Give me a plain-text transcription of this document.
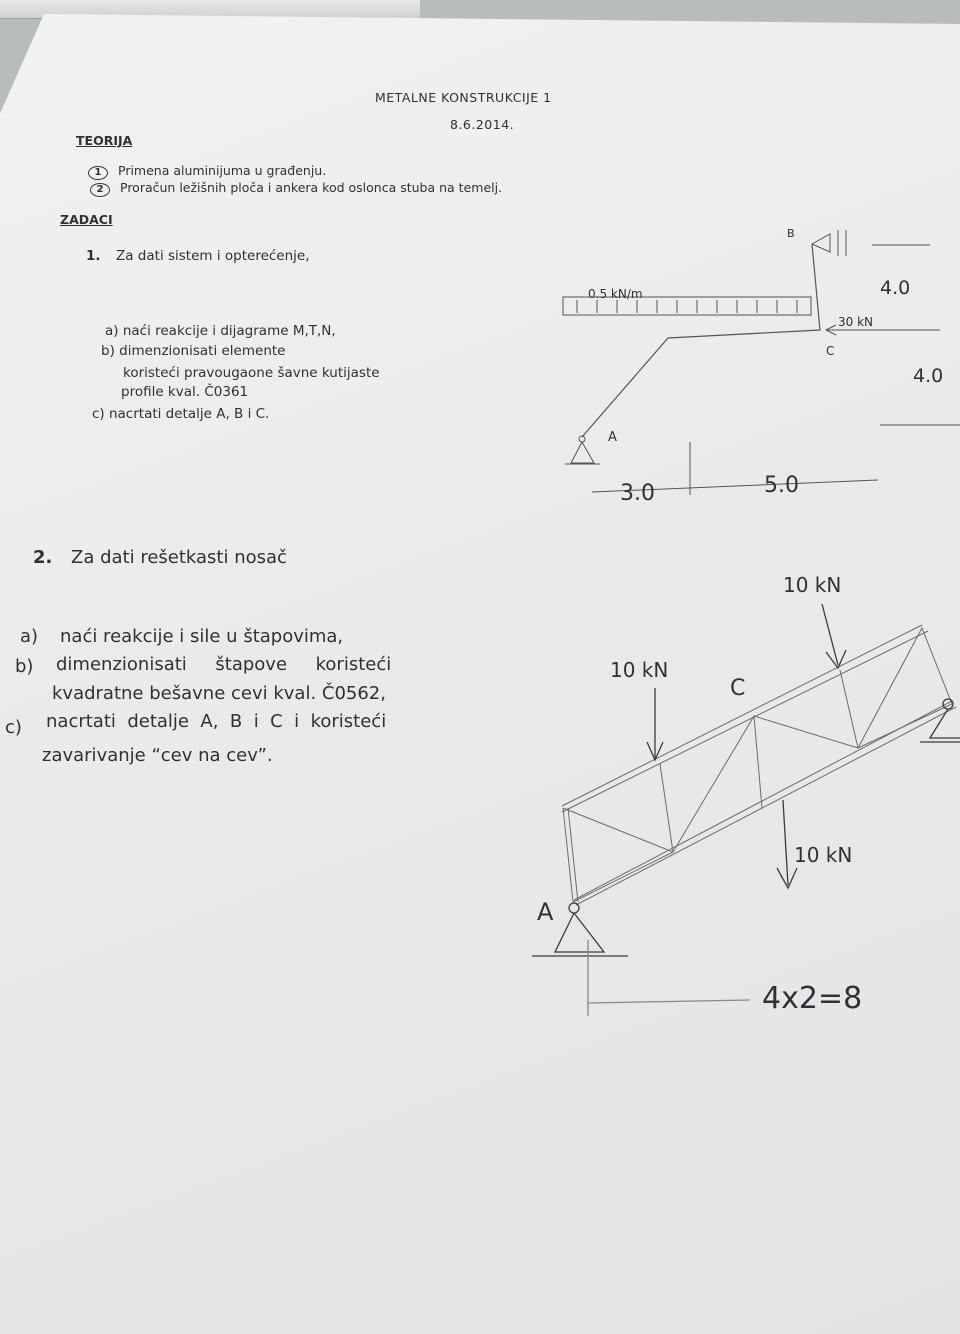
METALNE KONSTRUKCIJE 1
8.6.2014.
TEORIJA
1 Primena aluminijuma u građenju.
2 Proračun ležišnih ploča i ankera kod oslonca stuba na temelj.
ZADACI
1. Za dati sistem i opterećenje,
a) naći reakcije i dijagrame M,T,N,
b) dimenzionisati elemente
koristeći pravougaone šavne kutijaste
profile kval. Č0361
c) nacrtati detalje A, B i C.
0.5 kN/m
30 kN
B
C
A
4.0
4.0
3.0	5.0
2. Za dati rešetkasti nosač
a) naći reakcije i sile u štapovima,
b) dimenzionisati     štapove     koristeći
kvadratne bešavne cevi kval. Č0562,
c) nacrtati  detalje  A,  B  i  C  i  koristeći
zavarivanje “cev na cev”.
10 kN
10 kN
10 kN
C
A
4x2=8
